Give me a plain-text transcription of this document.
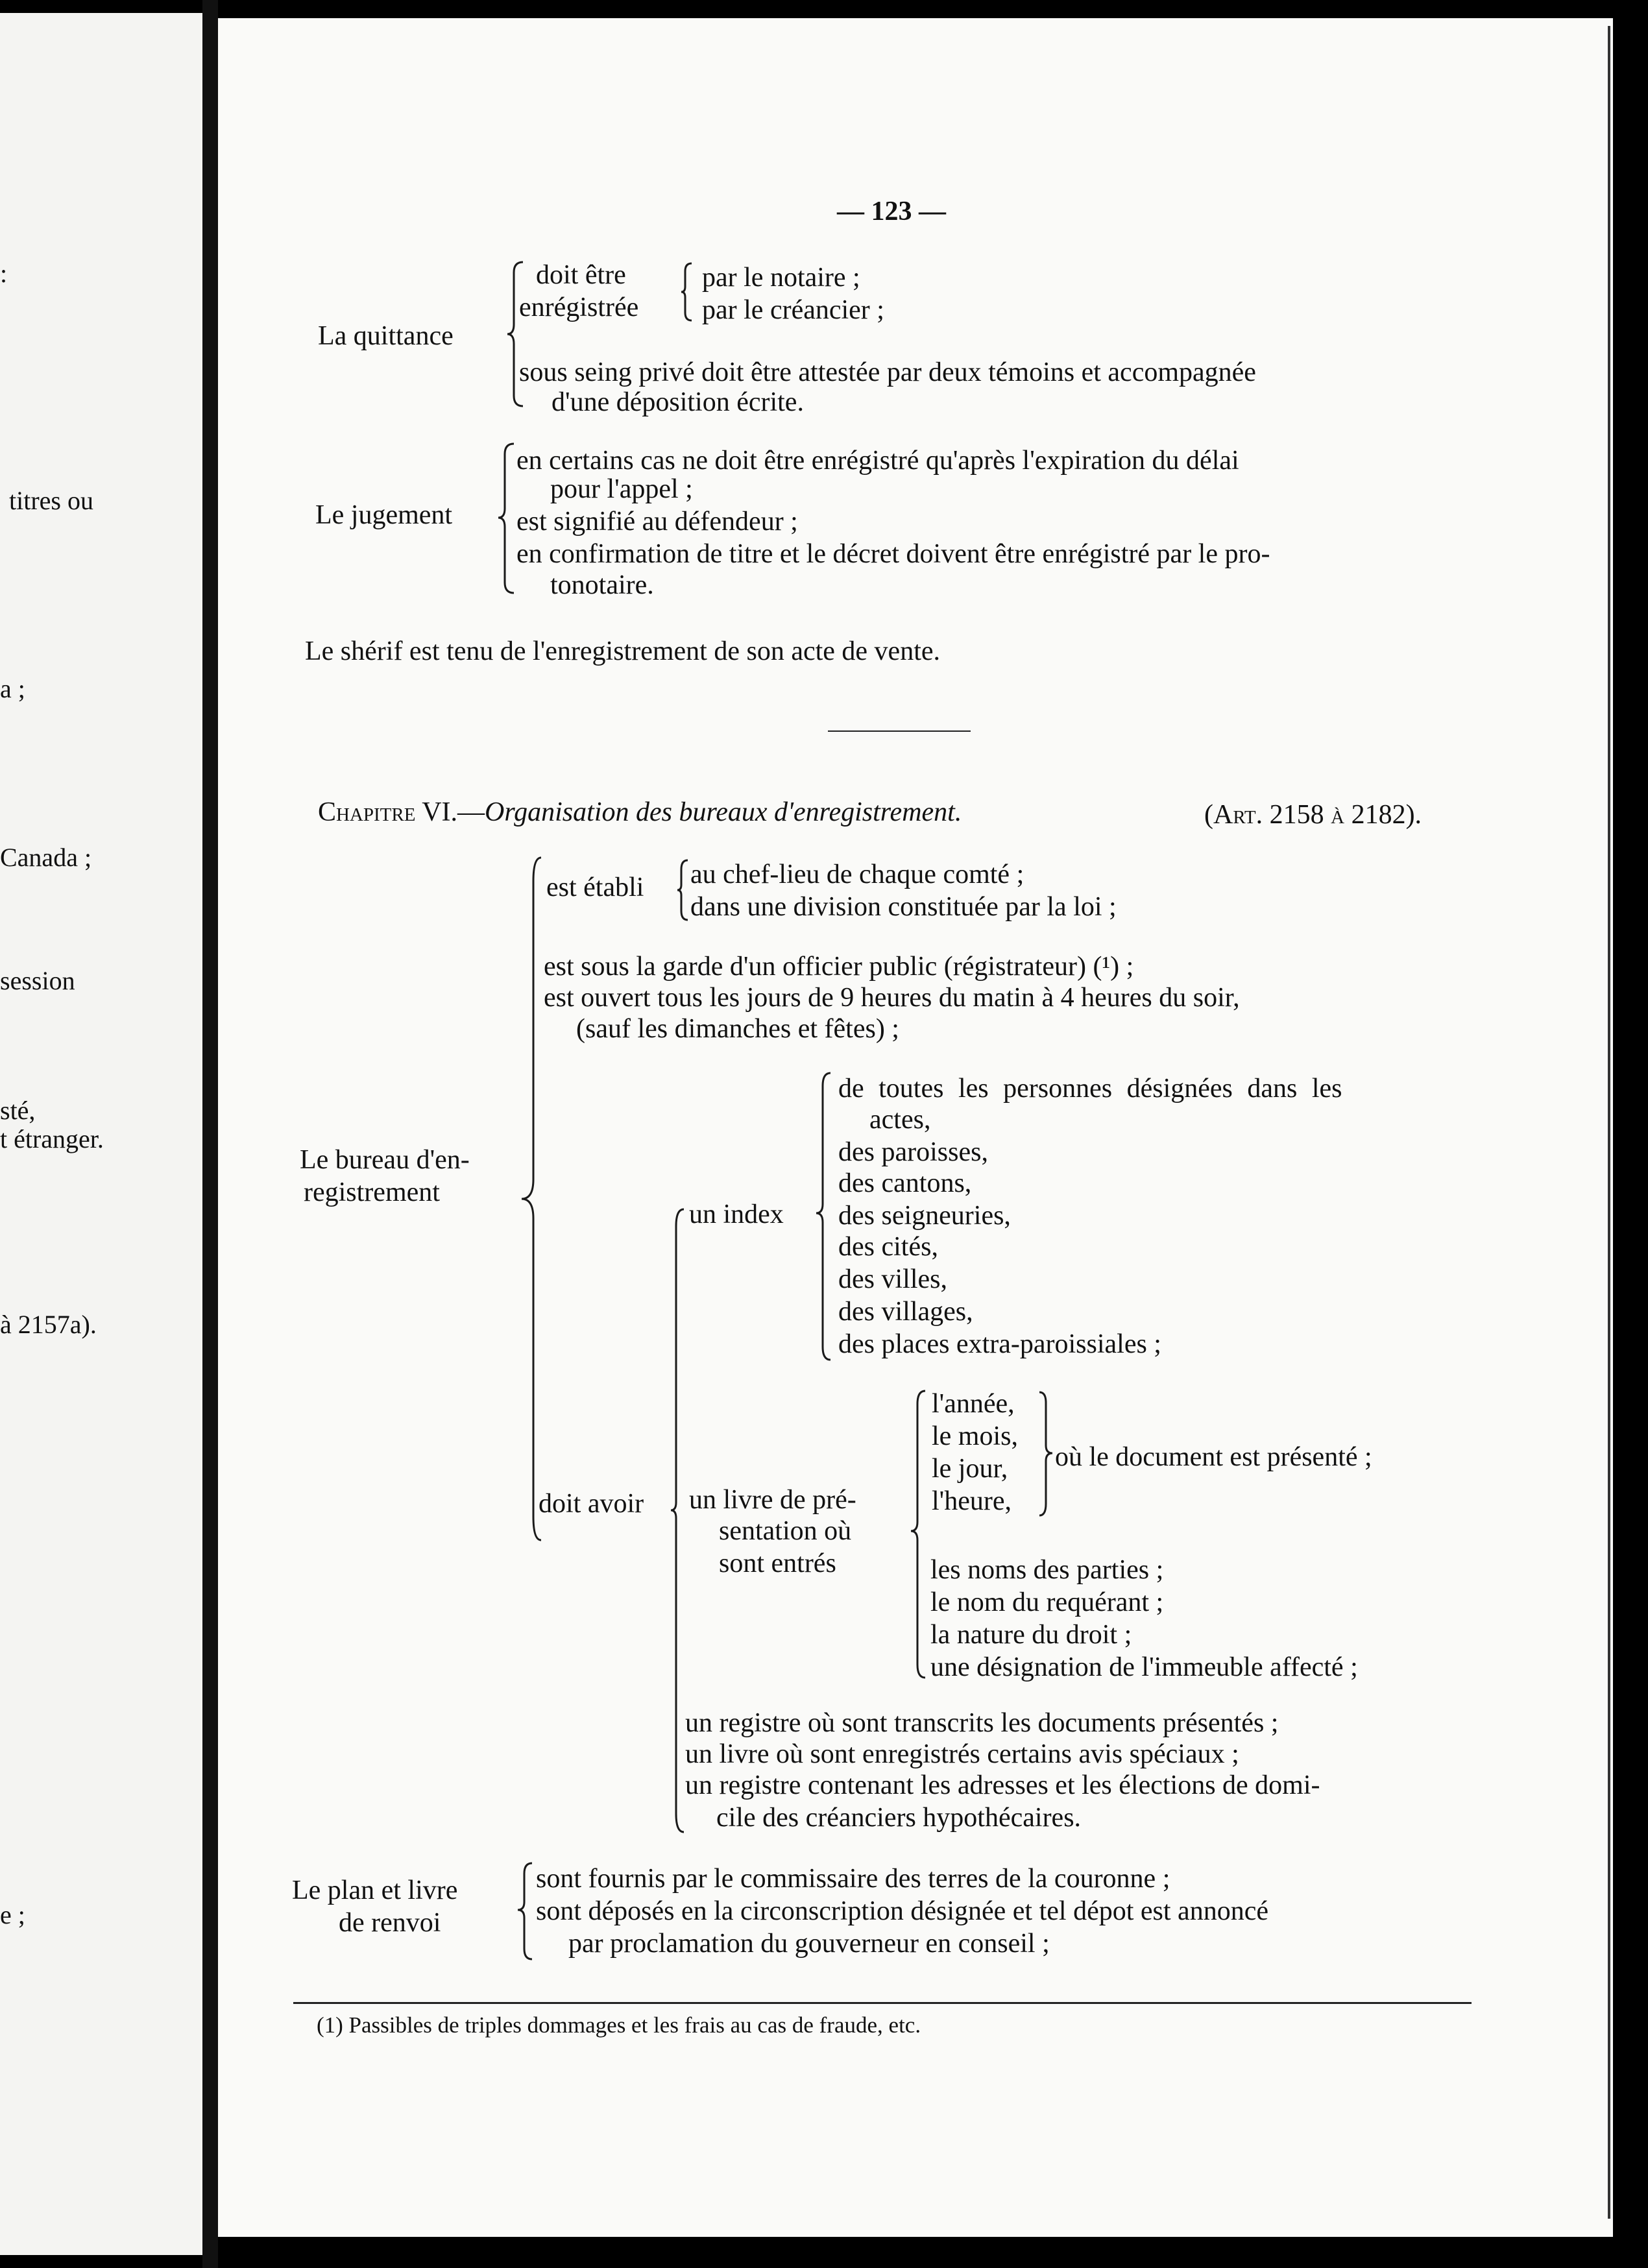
:
titres ou
a ;
Canada ;
session
sté,
t étranger.
à 2157a).
e ;
— 123 —
La quittance
doit être
enrégistrée
par le notaire ;
par le créancier ;
sous seing privé doit être attestée par deux témoins et accompagnée
d'une déposition écrite.
Le jugement
en certains cas ne doit être enrégistré qu'après l'expiration du délai
pour l'appel ;
est signifié au défendeur ;
en confirmation de titre et le décret doivent être enrégistré par le pro-
tonotaire.
Le shérif est tenu de l'enregistrement de son acte de vente.
Chapitre VI.—Organisation des bureaux d'enregistrement.	(Art. 2158 à 2182).
Le bureau d'en-
registrement
est établi au chef-lieu de chaque comté ;
dans une division constituée par la loi ;
est sous la garde d'un officier public (régistrateur) (¹) ;
est ouvert tous les jours de 9 heures du matin à 4 heures du soir,
(sauf les dimanches et fêtes) ;
doit avoir
un index
de toutes les personnes désignées dans les
actes,
des paroisses,
des cantons,
des seigneuries,
des cités,
des villes,
des villages,
des places extra-paroissiales ;
un livre de pré-
sentation où
sont entrés
l'année,
le mois,
le jour,
l'heure,
où le document est présenté ;
les noms des parties ;
le nom du requérant ;
la nature du droit ;
une désignation de l'immeuble affecté ;
un registre où sont transcrits les documents présentés ;
un livre où sont enregistrés certains avis spéciaux ;
un registre contenant les adresses et les élections de domi-
cile des créanciers hypothécaires.
Le plan et livre
de renvoi
sont fournis par le commissaire des terres de la couronne ;
sont déposés en la circonscription désignée et tel dépot est annoncé
par proclamation du gouverneur en conseil ;
(1) Passibles de triples dommages et les frais au cas de fraude, etc.
